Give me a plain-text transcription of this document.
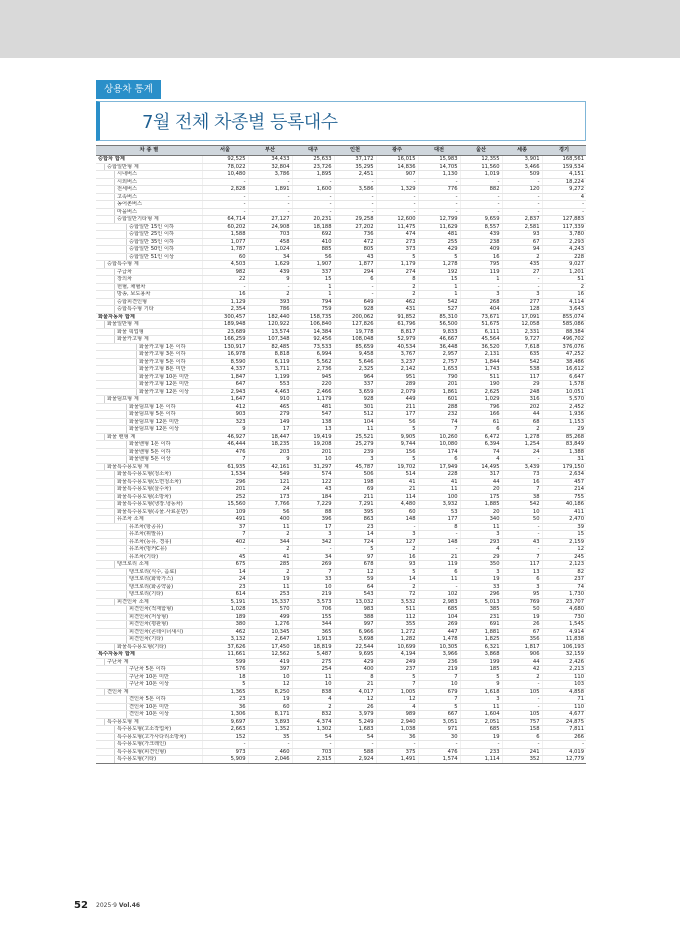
상용차 통계
7월 전체 차종별 등록대수
차 종 별	서울	부산	대구	인천	광주	대전	울산	세종	경기

승합차 합계	92,525	34,433	25,633	37,172	16,015	15,983	12,355	3,901	168,561

승합일반형 계	78,022	32,804	23,726	35,295	14,836	14,705	11,560	3,466	159,534

시내버스	10,480	3,786	1,895	2,451	907	1,130	1,019	509	4,151

시외버스	-	-	-	-	-	-	-	-	18,224

전세버스	2,828	1,891	1,600	3,586	1,329	776	882	120	9,272

고속버스	-	-	-	-	-	-	-	-	4

농어촌버스	-	-	-	-	-	-	-	-	-

마을버스	-	-	-	-	-	-	-	-	-

승합일반기타형 계	64,714	27,127	20,231	29,258	12,600	12,799	9,659	2,837	127,883

승합일반 15인 이하	60,202	24,908	18,188	27,202	11,475	11,629	8,557	2,581	117,339

승합일반 25인 이하	1,588	703	692	736	474	481	439	93	3,780

승합일반 35인 이하	1,077	458	410	472	273	255	238	67	2,293

승합일반 50인 이하	1,787	1,024	885	805	373	429	409	94	4,243

승합일반 51인 이상	60	34	56	43	5	5	16	2	228

승합특수형 계	4,503	1,629	1,907	1,877	1,179	1,278	795	435	9,027

구급차	982	439	337	294	274	192	119	27	1,201

장의차	22	9	15	6	8	15	1	-	51

헌혈, 채혈차	-	-	1	-	2	1	-	-	2

방송, 보도용차	16	2	1	-	2	1	3	3	16

승합피견인형	1,129	393	794	649	462	542	268	277	4,114

승합특수형 기타	2,354	786	759	928	431	527	404	128	3,643

화물자동차 합계	300,457	182,440	158,735	200,062	91,852	85,310	73,671	17,091	855,074

화물일반형 계	189,948	120,922	106,840	127,826	61,796	56,500	51,675	12,058	585,086

화물 픽업형	23,689	13,574	14,384	19,778	8,817	9,833	6,111	2,331	88,384

화물카고형 계	166,259	107,348	92,456	108,048	52,979	46,667	45,564	9,727	496,702

화물카고형 1톤 이하	130,917	82,485	73,533	85,659	40,534	36,448	36,520	7,618	376,076

화물카고형 3톤 이하	16,978	8,818	6,994	9,458	3,767	2,957	2,131	635	47,252

화물카고형 5톤 이하	8,590	6,119	5,562	5,646	3,237	2,757	1,844	542	38,486

화물카고형 8톤 미만	4,337	3,711	2,736	2,325	2,142	1,653	1,743	538	16,612

화물카고형 10톤 미만	1,847	1,199	945	964	951	790	511	117	6,647

화물카고형 12톤 미만	647	553	220	337	289	201	190	29	1,578

화물카고형 12톤 이상	2,943	4,463	2,466	3,659	2,079	1,861	2,625	248	10,051

화물덤프형 계	1,647	910	1,179	928	449	601	1,029	316	5,570

화물덤프형 1톤 이하	412	465	481	301	211	288	796	202	2,452

화물덤프형 5톤 이하	903	279	547	512	177	232	166	44	1,936

화물덤프형 12톤 미만	323	149	138	104	56	74	61	68	1,153

화물덤프형 12톤 이상	9	17	13	11	5	7	6	2	29

화물 밴형 계	46,927	18,447	19,419	25,521	9,905	10,260	6,472	1,278	85,268

화물밴형 1톤 이하	46,444	18,235	19,208	25,279	9,744	10,080	6,394	1,254	83,849

화물밴형 5톤 이하	476	203	201	239	156	174	74	24	1,388

화물밴형 5톤 이상	7	9	10	3	5	6	4	-	31

화물특수용도형 계	61,935	42,161	31,297	45,787	19,702	17,949	14,495	3,439	179,150

화물특수용도형(청소차)	1,534	549	574	506	514	228	317	73	2,634

화물특수용도형(노면청소차)	296	121	122	198	41	41	44	16	457

화물특수용도형(살수차)	201	24	43	69	21	11	20	7	214

화물특수용도형(소방차)	252	173	184	211	114	100	175	38	755

화물특수용도형(냉장.냉동차)	15,560	7,766	7,229	7,291	4,480	3,932	1,885	542	40,186

화물특수용도형(곡물.사료운반)	109	56	88	395	60	53	20	10	411

유조차 소계	491	400	396	863	148	177	340	50	2,470

유조차(항공유)	37	11	17	23	-	8	11	-	39

유조차(휘발유)	7	2	3	14	3	-	3	-	15

유조차(등유, 경유)	402	344	342	724	127	148	293	43	2,159

유조차(벙커C유)	-	2	-	5	2	-	4	-	12

유조차(기타)	45	41	34	97	16	21	29	7	245

탱크로리 소계	675	285	269	678	93	119	350	117	2,123

탱크로리(식수, 음료)	14	2	7	12	5	6	3	13	82

탱크로리(화학가스)	24	19	33	59	14	11	19	6	237

탱크로리(화공약품)	23	11	10	64	2	-	33	3	74

탱크로리(기타)	614	253	219	543	72	102	296	95	1,730

피견인차 소계	5,191	15,337	3,573	13,032	3,532	2,983	5,013	769	23,707

피견인차(적재함형)	1,028	570	706	983	511	685	385	50	4,680

피견인차(저상형)	189	499	155	388	112	104	231	19	730

피견인차(평판형)	380	1,276	344	997	355	269	691	26	1,545

피견인차(콘테이너섀시)	462	10,345	365	6,966	1,272	447	1,881	67	4,914

피견인차(기타)	3,132	2,647	1,913	3,698	1,282	1,478	1,825	356	11,838

화물특수용도형(기타)	37,626	17,450	18,819	22,544	10,699	10,305	6,321	1,817	106,193

특수자동차 합계	11,661	12,562	5,487	9,695	4,194	3,966	3,868	906	32,159

구난차 계	599	419	275	429	249	236	199	44	2,426

구난차 5톤 이하	576	397	254	400	237	219	185	42	2,213

구난차 10톤 미만	18	10	11	8	5	7	5	2	110

구난차 10톤 이상	5	12	10	21	7	10	9	-	103

견인차 계	1,365	8,250	838	4,017	1,005	679	1,618	105	4,858

견인차 5톤 이하	23	19	4	12	12	7	3	-	71

견인차 10톤 미만	36	60	2	26	4	5	11	-	110

견인차 10톤 이상	1,306	8,171	832	3,979	989	667	1,604	105	4,677

특수용도형 계	9,697	3,893	4,374	5,249	2,940	3,051	2,051	757	24,875

특수용도형(고소작업차)	2,663	1,352	1,302	1,683	1,038	971	685	158	7,811

특수용도형(고가사다리소방차)	152	35	54	54	36	30	19	6	266

특수용도형(가크레인)	-	-	-	-	-	-	-	-	-

특수용도형(피견인형)	973	460	703	588	375	476	233	241	4,019

특수용도형(기타)	5,909	2,046	2,315	2,924	1,491	1,574	1,114	352	12,779
52 2025·9 Vol.46
